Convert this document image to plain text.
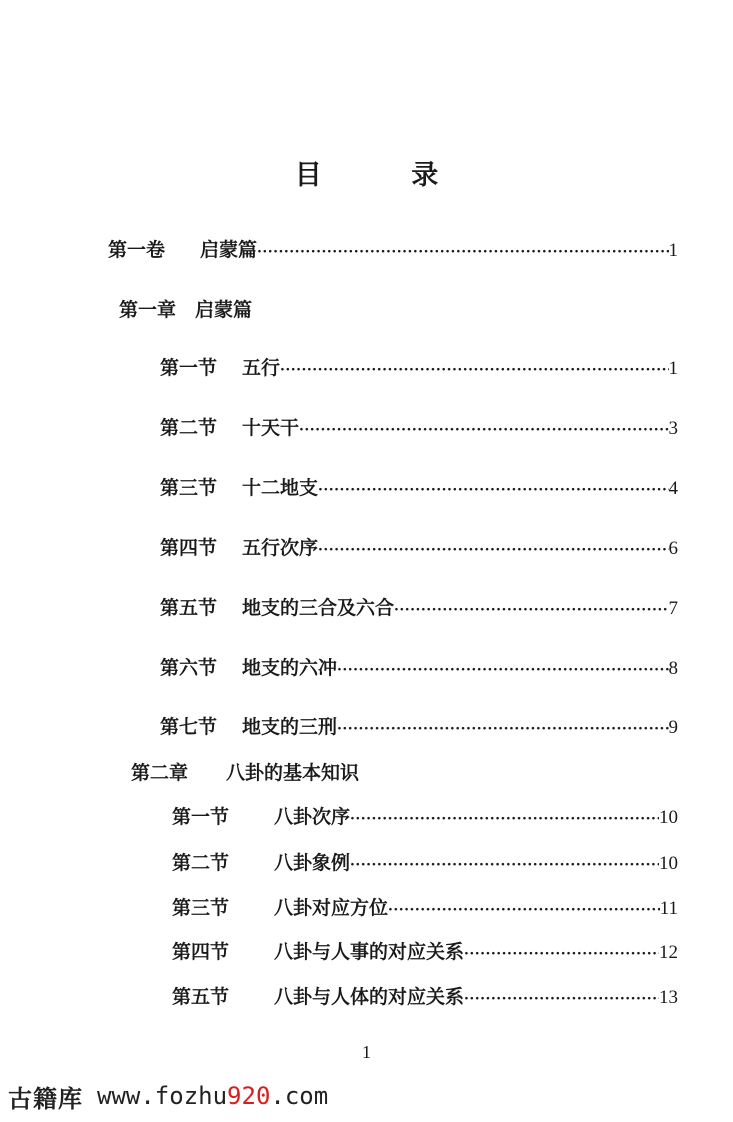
目 录
第一卷	启蒙篇 ·····	1
第一章　启蒙篇
第一节	五行 ·····	1
第二节	十天干 ·····	3
第三节	十二地支 ·····	4
第四节	五行次序 ·····	6
第五节	地支的三合及六合 ·····	7
第六节	地支的六冲 ·····	8
第七节	地支的三刑 ·····	9
第二章　　八卦的基本知识
第一节	八卦次序 ·····	10
第二节	八卦象例 ·····	10
第三节	八卦对应方位 ·····	11
第四节	八卦与人事的对应关系 ·····	12
第五节	八卦与人体的对应关系 ·····	13
1
古籍库 www.fozhu 920 .com
